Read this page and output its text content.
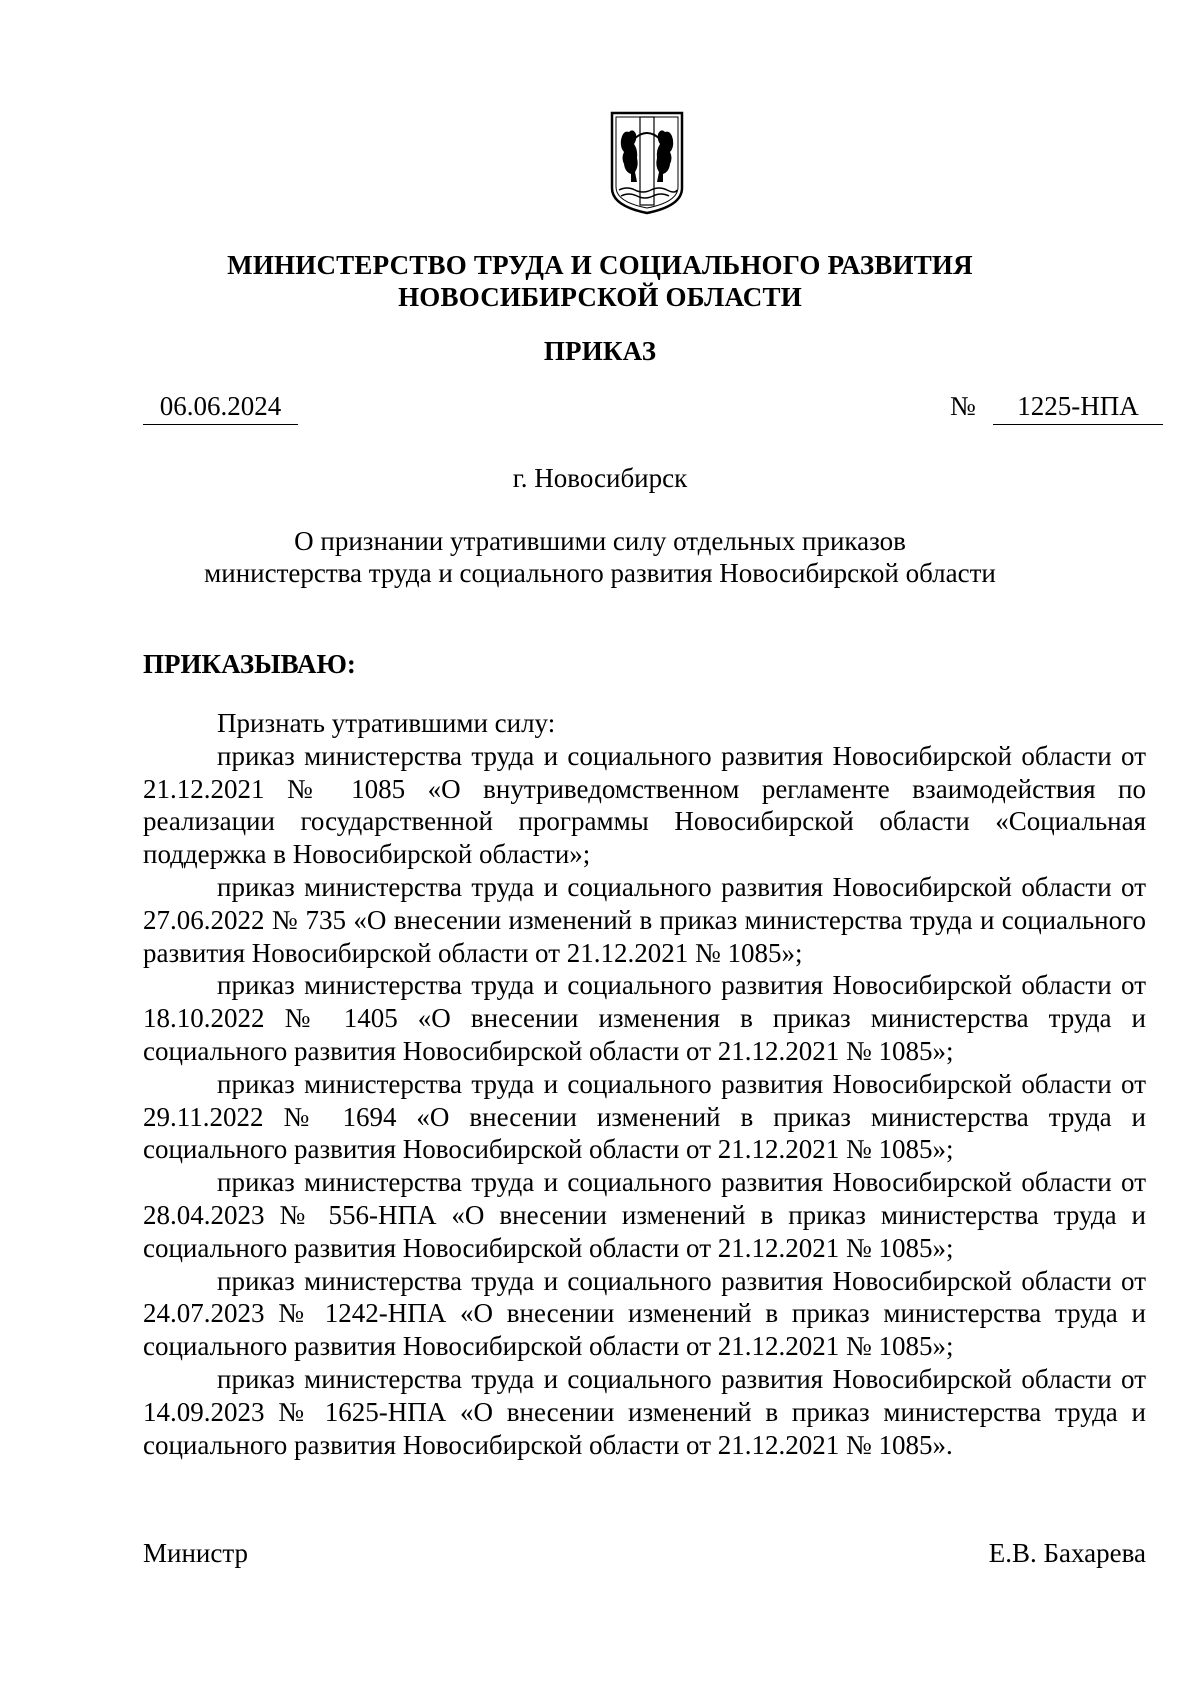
МИНИСТЕРСТВО ТРУДА И СОЦИАЛЬНОГО РАЗВИТИЯ
НОВОСИБИРСКОЙ ОБЛАСТИ
ПРИКАЗ
06.06.2024	№	1225-НПА
г. Новосибирск
О признании утратившими силу отдельных приказов
министерства труда и социального развития Новосибирской области
ПРИКАЗЫВАЮ:

Признать утратившими силу:

приказ министерства труда и социального развития Новосибирской области от 21.12.2021 № 1085 «О внутриведомственном регламенте взаимодействия по реализации государственной программы Новосибирской области «Социальная поддержка в Новосибирской области»;

приказ министерства труда и социального развития Новосибирской области от 27.06.2022 № 735 «О внесении изменений в приказ министерства труда и социального развития Новосибирской области от 21.12.2021 № 1085»;

приказ министерства труда и социального развития Новосибирской области от 18.10.2022 № 1405 «О внесении изменения в приказ министерства труда и социального развития Новосибирской области от 21.12.2021 № 1085»;

приказ министерства труда и социального развития Новосибирской области от 29.11.2022 № 1694 «О внесении изменений в приказ министерства труда и социального развития Новосибирской области от 21.12.2021 № 1085»;

приказ министерства труда и социального развития Новосибирской области от 28.04.2023 № 556-НПА «О внесении изменений в приказ министерства труда и социального развития Новосибирской области от 21.12.2021 № 1085»;

приказ министерства труда и социального развития Новосибирской области от 24.07.2023 № 1242-НПА «О внесении изменений в приказ министерства труда и социального развития Новосибирской области от 21.12.2021 № 1085»;

приказ министерства труда и социального развития Новосибирской области от 14.09.2023 № 1625-НПА «О внесении изменений в приказ министерства труда и социального развития Новосибирской области от 21.12.2021 № 1085».

Министр	Е.В. Бахарева
